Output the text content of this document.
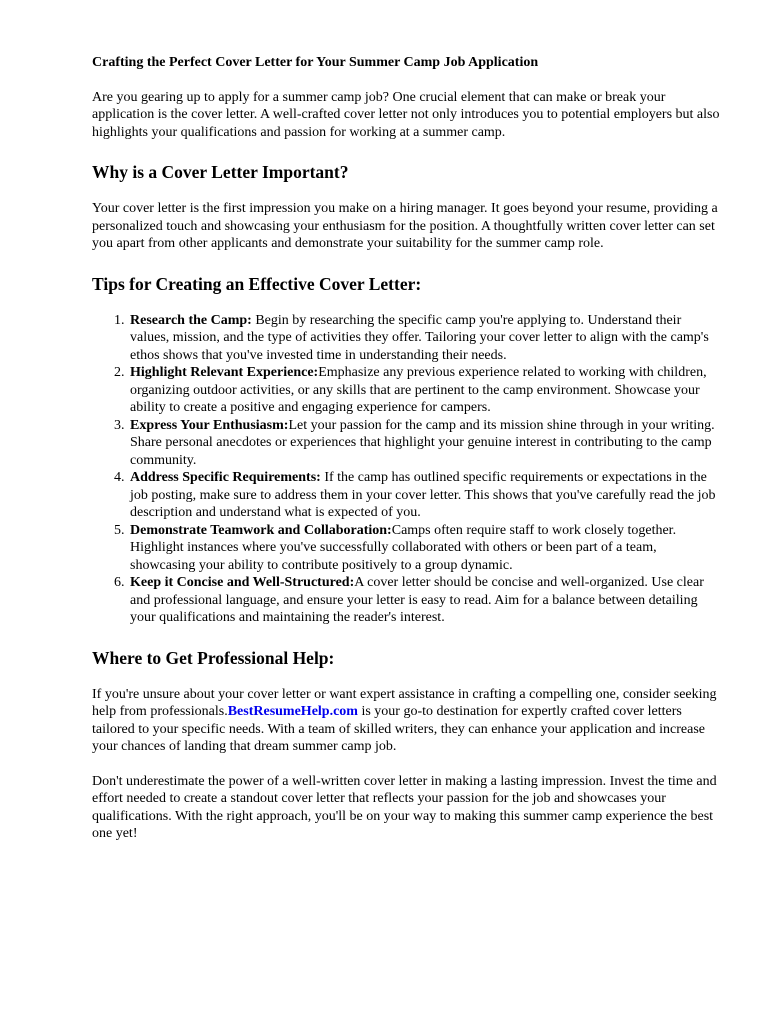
Crafting the Perfect Cover Letter for Your Summer Camp Job Application

Are you gearing up to apply for a summer camp job? One crucial element that can make or break your application is the cover letter. A well-crafted cover letter not only introduces you to potential employers but also highlights your qualifications and passion for working at a summer camp.

Why is a Cover Letter Important?

Your cover letter is the first impression you make on a hiring manager. It goes beyond your resume, providing a personalized touch and showcasing your enthusiasm for the position. A thoughtfully written cover letter can set you apart from other applicants and demonstrate your suitability for the summer camp role.

Tips for Creating an Effective Cover Letter:
1. Research the Camp: Begin by researching the specific camp you're applying to. Understand their values, mission, and the type of activities they offer. Tailoring your cover letter to align with the camp's ethos shows that you've invested time in understanding their needs.
2. Highlight Relevant Experience:Emphasize any previous experience related to working with children, organizing outdoor activities, or any skills that are pertinent to the camp environment. Showcase your ability to create a positive and engaging experience for campers.
3. Express Your Enthusiasm:Let your passion for the camp and its mission shine through in your writing. Share personal anecdotes or experiences that highlight your genuine interest in contributing to the camp community.
4. Address Specific Requirements: If the camp has outlined specific requirements or expectations in the job posting, make sure to address them in your cover letter. This shows that you've carefully read the job description and understand what is expected of you.
5. Demonstrate Teamwork and Collaboration:Camps often require staff to work closely together. Highlight instances where you've successfully collaborated with others or been part of a team, showcasing your ability to contribute positively to a group dynamic.
6. Keep it Concise and Well-Structured:A cover letter should be concise and well-organized. Use clear and professional language, and ensure your letter is easy to read. Aim for a balance between detailing your qualifications and maintaining the reader's interest.
Where to Get Professional Help:

If you're unsure about your cover letter or want expert assistance in crafting a compelling one, consider seeking help from professionals.BestResumeHelp.com is your go-to destination for expertly crafted cover letters tailored to your specific needs. With a team of skilled writers, they can enhance your application and increase your chances of landing that dream summer camp job.

Don't underestimate the power of a well-written cover letter in making a lasting impression. Invest the time and effort needed to create a standout cover letter that reflects your passion for the job and showcases your qualifications. With the right approach, you'll be on your way to making this summer camp experience the best one yet!
